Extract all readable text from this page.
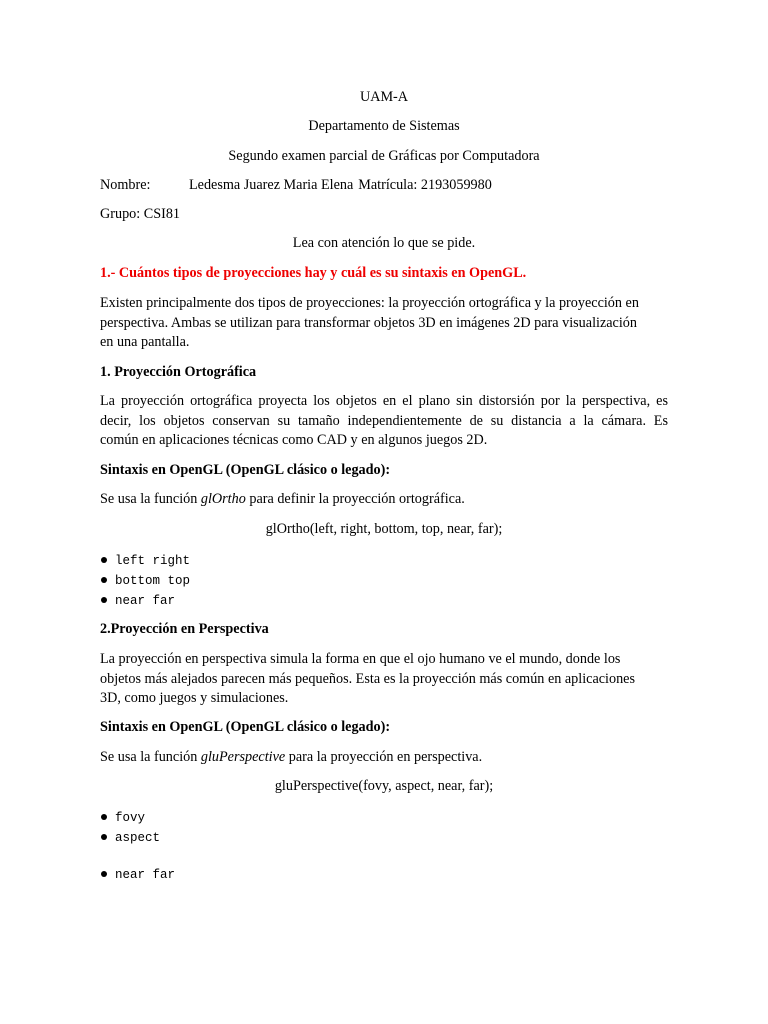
UAM-A
Departamento de Sistemas
Segundo examen parcial de Gráficas por Computadora
Nombre:	Ledesma Juarez Maria Elena Matrícula: 2193059980
Grupo: CSI81
Lea con atención lo que se pide.
1.- Cuántos tipos de proyecciones hay y cuál es su sintaxis en OpenGL.
Existen principalmente dos tipos de proyecciones: la proyección ortográfica y la proyección en
perspectiva. Ambas se utilizan para transformar objetos 3D en imágenes 2D para visualización
en una pantalla.
1. Proyección Ortográfica
La proyección ortográfica proyecta los objetos en el plano sin distorsión por la perspectiva, es
decir, los objetos conservan su tamaño independientemente de su distancia a la cámara. Es
común en aplicaciones técnicas como CAD y en algunos juegos 2D.
Sintaxis en OpenGL (OpenGL clásico o legado):
Se usa la función glOrtho para definir la proyección ortográfica.
glOrtho(left, right, bottom, top, near, far);
left right
bottom top
near far
2.Proyección en Perspectiva
La proyección en perspectiva simula la forma en que el ojo humano ve el mundo, donde los
objetos más alejados parecen más pequeños. Esta es la proyección más común en aplicaciones
3D, como juegos y simulaciones.
Sintaxis en OpenGL (OpenGL clásico o legado):
Se usa la función gluPerspective para la proyección en perspectiva.
gluPerspective(fovy, aspect, near, far);
fovy
aspect
near far
